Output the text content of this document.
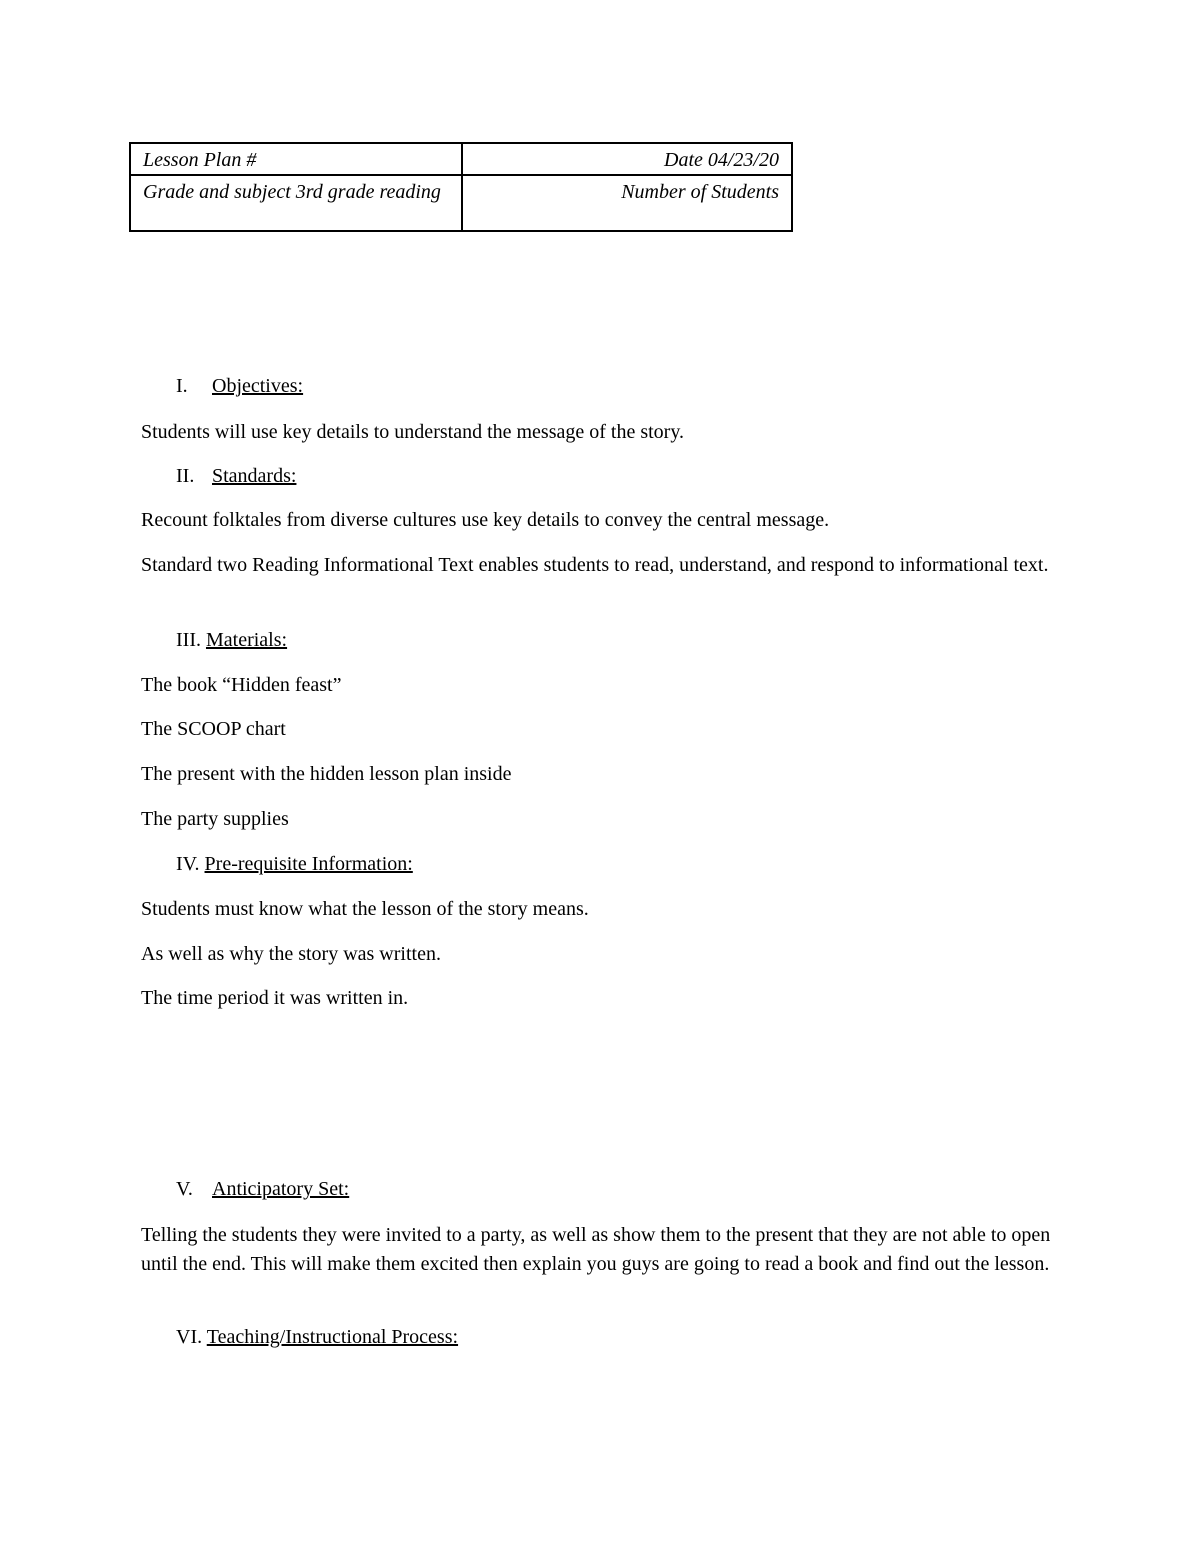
Lesson Plan #	Date 04/23/20
Grade and subject 3rd grade reading	Number of Students
I. Objectives:
Students will use key details to understand the message of the story.
II. Standards:
Recount folktales from diverse cultures use key details to convey the central message.
Standard two Reading Informational Text enables students to read, understand, and respond to informational text.
III. Materials:
The book “Hidden feast”
The SCOOP chart
The present with the hidden lesson plan inside
The party supplies
IV. Pre-requisite Information:
Students must know what the lesson of the story means.
As well as why the story was written.
The time period it was written in.
V. Anticipatory Set:
Telling the students they were invited to a party, as well as show them to the present that they are not able to open until the end. This will make them excited then explain you guys are going to read a book and find out the lesson.
VI. Teaching/Instructional Process:
